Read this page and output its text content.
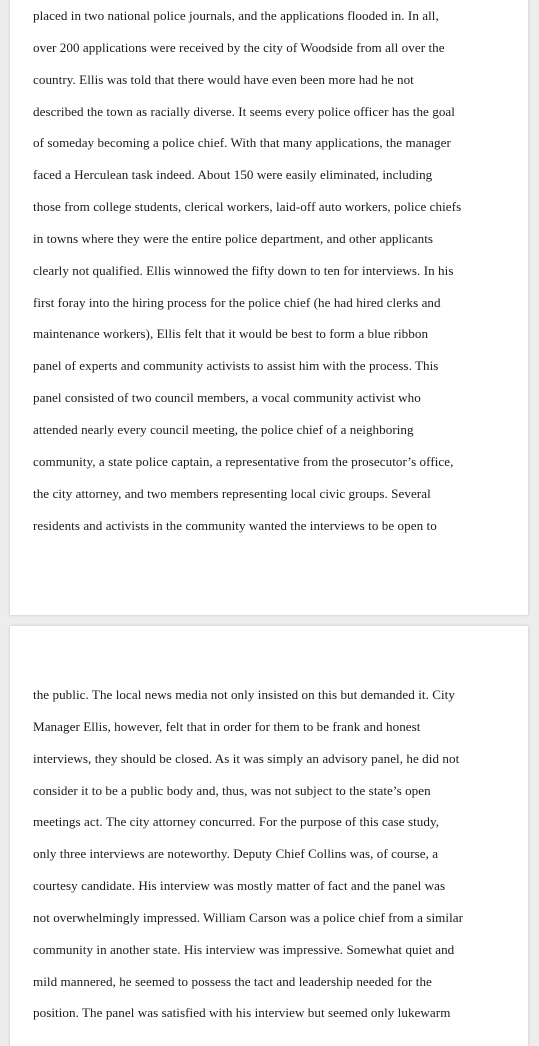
placed in two national police journals, and the applications flooded in. In all,
over 200 applications were received by the city of Woodside from all over the
country. Ellis was told that there would have even been more had he not
described the town as racially diverse. It seems every police officer has the goal
of someday becoming a police chief. With that many applications, the manager
faced a Herculean task indeed. About 150 were easily eliminated, including
those from college students, clerical workers, laid-off auto workers, police chiefs
in towns where they were the entire police department, and other applicants
clearly not qualified. Ellis winnowed the fifty down to ten for interviews. In his
first foray into the hiring process for the police chief (he had hired clerks and
maintenance workers), Ellis felt that it would be best to form a blue ribbon
panel of experts and community activists to assist him with the process. This
panel consisted of two council members, a vocal community activist who
attended nearly every council meeting, the police chief of a neighboring
community, a state police captain, a representative from the prosecutor’s office,
the city attorney, and two members representing local civic groups. Several
residents and activists in the community wanted the interviews to be open to
the public. The local news media not only insisted on this but demanded it. City
Manager Ellis, however, felt that in order for them to be frank and honest
interviews, they should be closed. As it was simply an advisory panel, he did not
consider it to be a public body and, thus, was not subject to the state’s open
meetings act. The city attorney concurred. For the purpose of this case study,
only three interviews are noteworthy. Deputy Chief Collins was, of course, a
courtesy candidate. His interview was mostly matter of fact and the panel was
not overwhelmingly impressed. William Carson was a police chief from a similar
community in another state. His interview was impressive. Somewhat quiet and
mild mannered, he seemed to possess the tact and leadership needed for the
position. The panel was satisfied with his interview but seemed only lukewarm
